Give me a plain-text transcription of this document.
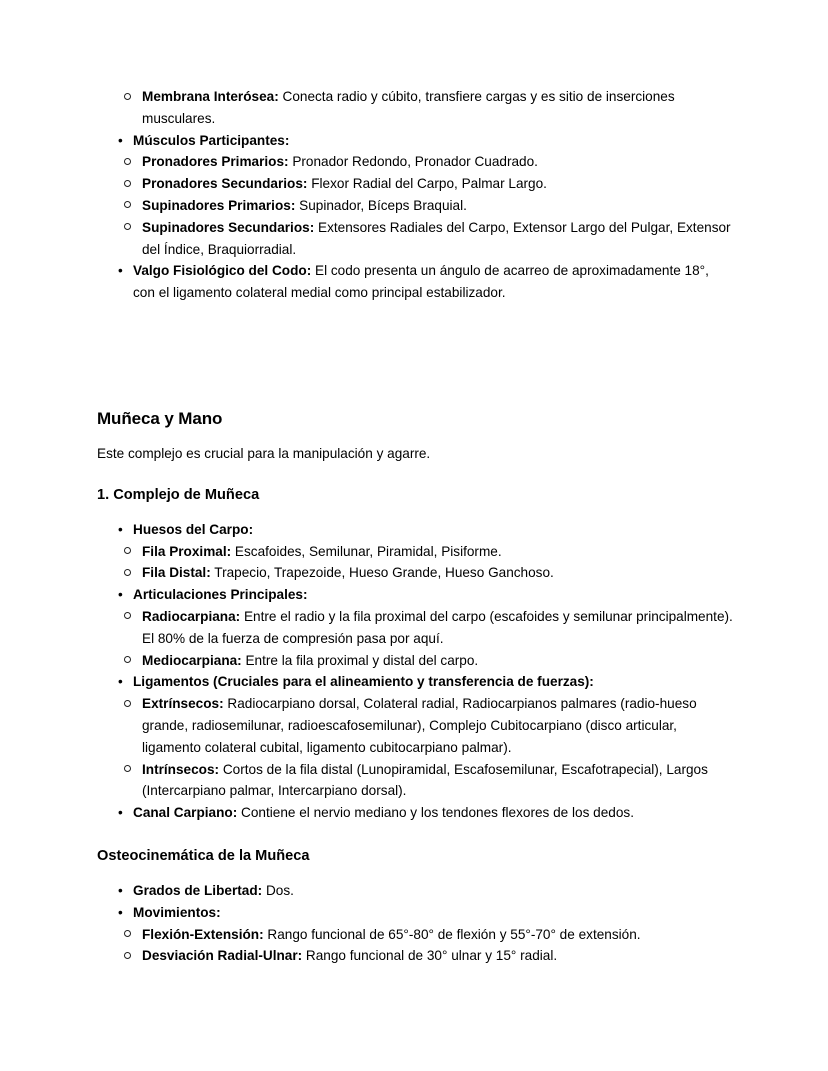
Membrana Interósea: Conecta radio y cúbito, transfiere cargas y es sitio de inserciones musculares.
• Músculos Participantes:
Pronadores Primarios: Pronador Redondo, Pronador Cuadrado.
Pronadores Secundarios: Flexor Radial del Carpo, Palmar Largo.
Supinadores Primarios: Supinador, Bíceps Braquial.
Supinadores Secundarios: Extensores Radiales del Carpo, Extensor Largo del Pulgar, Extensor del Índice, Braquiorradial.
• Valgo Fisiológico del Codo: El codo presenta un ángulo de acarreo de aproximadamente 18°, con el ligamento colateral medial como principal estabilizador.
Muñeca y Mano

Este complejo es crucial para la manipulación y agarre.

1. Complejo de Muñeca
• Huesos del Carpo:
Fila Proximal: Escafoides, Semilunar, Piramidal, Pisiforme.
Fila Distal: Trapecio, Trapezoide, Hueso Grande, Hueso Ganchoso.
• Articulaciones Principales:
Radiocarpiana: Entre el radio y la fila proximal del carpo (escafoides y semilunar principalmente). El 80% de la fuerza de compresión pasa por aquí.
Mediocarpiana: Entre la fila proximal y distal del carpo.
• Ligamentos (Cruciales para el alineamiento y transferencia de fuerzas):
Extrínsecos: Radiocarpiano dorsal, Colateral radial, Radiocarpianos palmares (radio-hueso grande, radiosemilunar, radioescafosemilunar), Complejo Cubitocarpiano (disco articular, ligamento colateral cubital, ligamento cubitocarpiano palmar).
Intrínsecos: Cortos de la fila distal (Lunopiramidal, Escafosemilunar, Escafotrapecial), Largos (Intercarpiano palmar, Intercarpiano dorsal).
• Canal Carpiano: Contiene el nervio mediano y los tendones flexores de los dedos.
Osteocinemática de la Muñeca
• Grados de Libertad: Dos.
• Movimientos:
Flexión-Extensión: Rango funcional de 65°-80° de flexión y 55°-70° de extensión.
Desviación Radial-Ulnar: Rango funcional de 30° ulnar y 15° radial.
